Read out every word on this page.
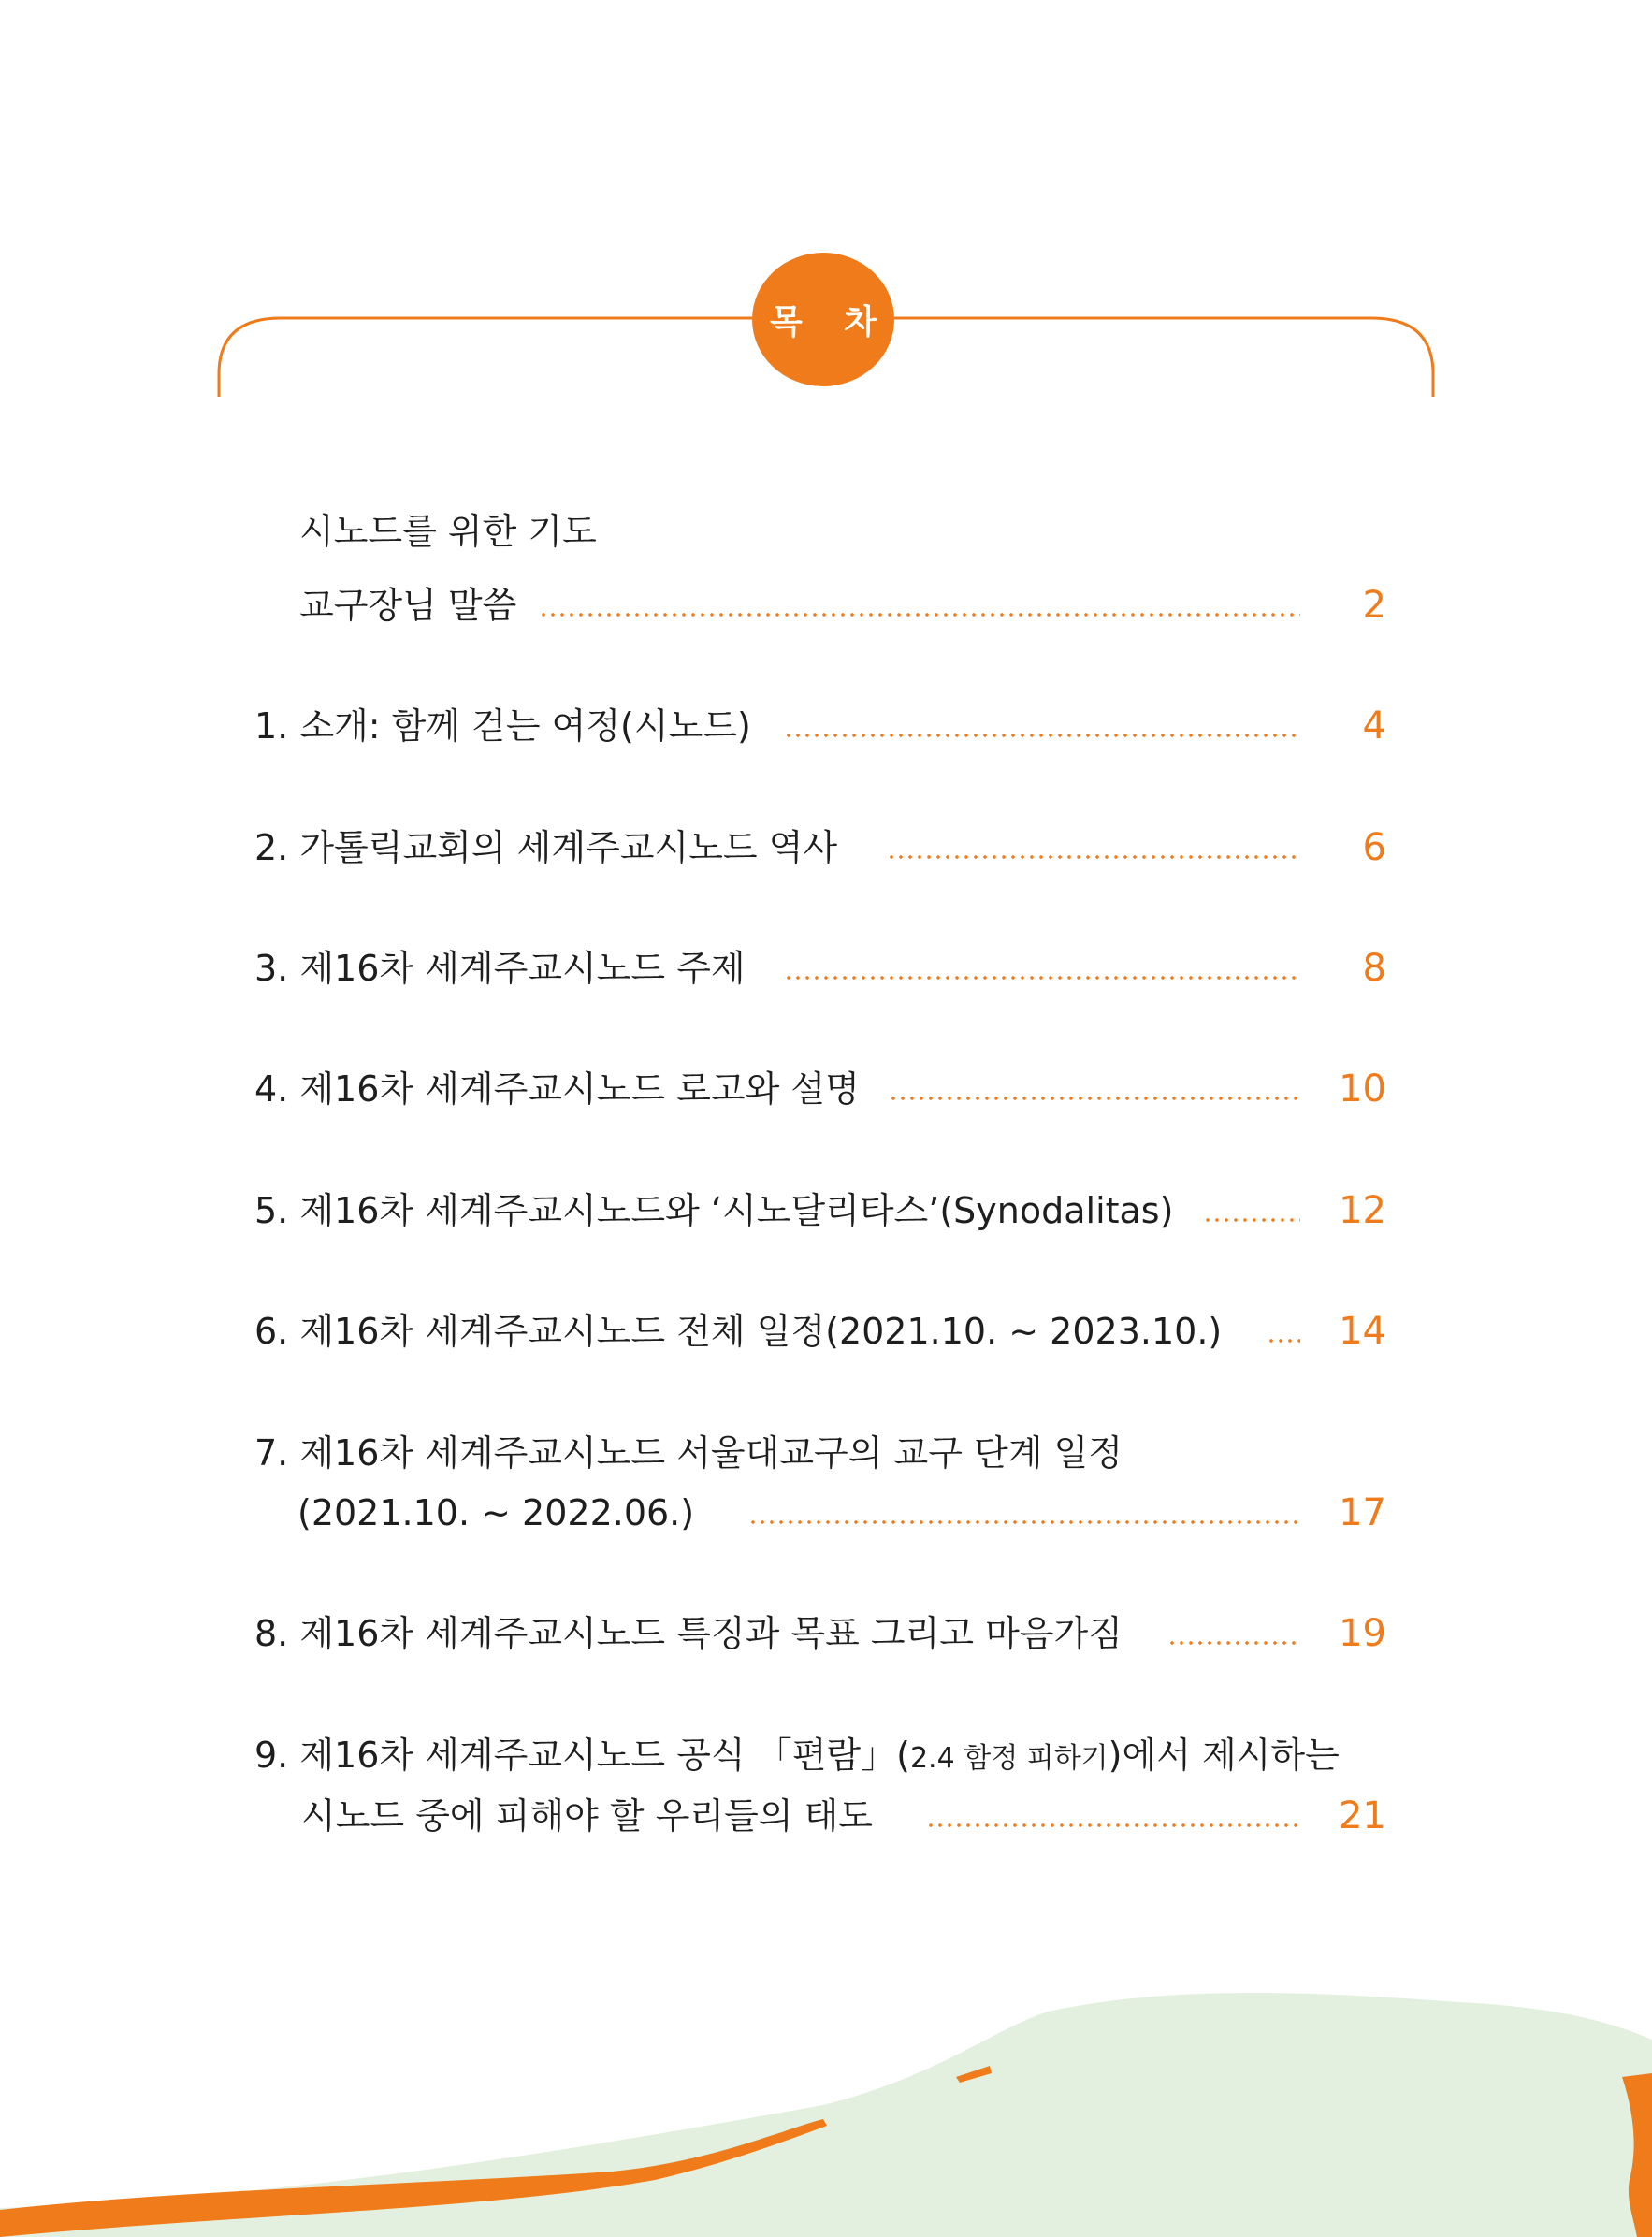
목 차
시노드를 위한 기도
교구장님 말씀	2
1. 소개: 함께 걷는 여정(시노드)	4
2. 가톨릭교회의 세계주교시노드 역사	6
3. 제16차 세계주교시노드 주제	8
4. 제16차 세계주교시노드 로고와 설명	10
5. 제16차 세계주교시노드와 ‘시노달리타스’(Synodalitas)	12
6. 제16차 세계주교시노드 전체 일정(2021.10. ~ 2023.10.)	14
7. 제16차 세계주교시노드 서울대교구의 교구 단계 일정
(2021.10. ~ 2022.06.)	17
8. 제16차 세계주교시노드 특징과 목표 그리고 마음가짐	19
9. 제16차 세계주교시노드 공식 「편람」(2.4 함정 피하기)에서 제시하는
시노드 중에 피해야 할 우리들의 태도	21
